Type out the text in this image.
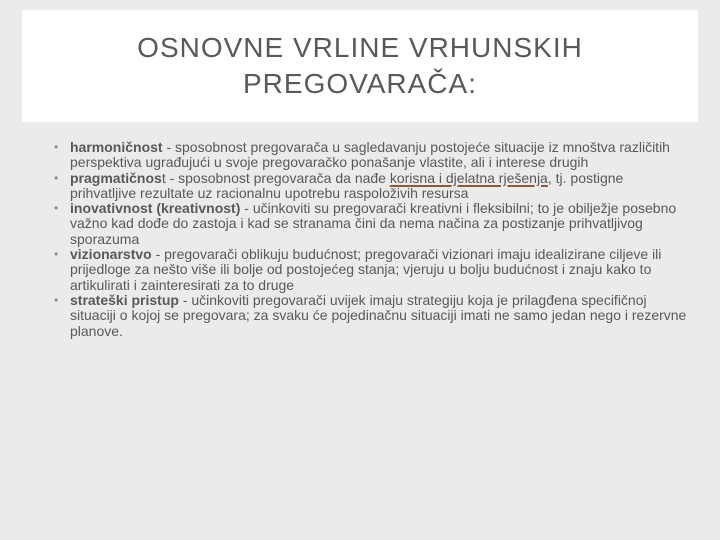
OSNOVNE VRLINE VRHUNSKIH
PREGOVARAČA:
• harmoničnost - sposobnost pregovarača u sagledavanju postojeće situacije iz mnoštva različitih perspektiva ugrađujući u svoje pregovaračko ponašanje vlastite, ali i interese drugih
• pragmatičnost - sposobnost pregovarača da nađe korisna i djelatna rješenja, tj. postigne prihvatljive rezultate uz racionalnu upotrebu raspoloživih resursa
• inovativnost (kreativnost) - učinkoviti su pregovarači kreativni i fleksibilni; to je obilježje posebno važno kad dođe do zastoja i kad se stranama čini da nema načina za postizanje prihvatljivog sporazuma
• vizionarstvo - pregovarači oblikuju budućnost; pregovarači vizionari imaju idealizirane ciljeve ili prijedloge za nešto više ili bolje od postojećeg stanja; vjeruju u bolju budućnost i znaju kako to artikulirati i zainteresirati za to druge
• strateški pristup - učinkoviti pregovarači uvijek imaju strategiju koja je prilagđena specifičnoj situaciji o kojoj se pregovara; za svaku će pojedinačnu situaciji imati ne samo jedan nego i rezervne planove.
